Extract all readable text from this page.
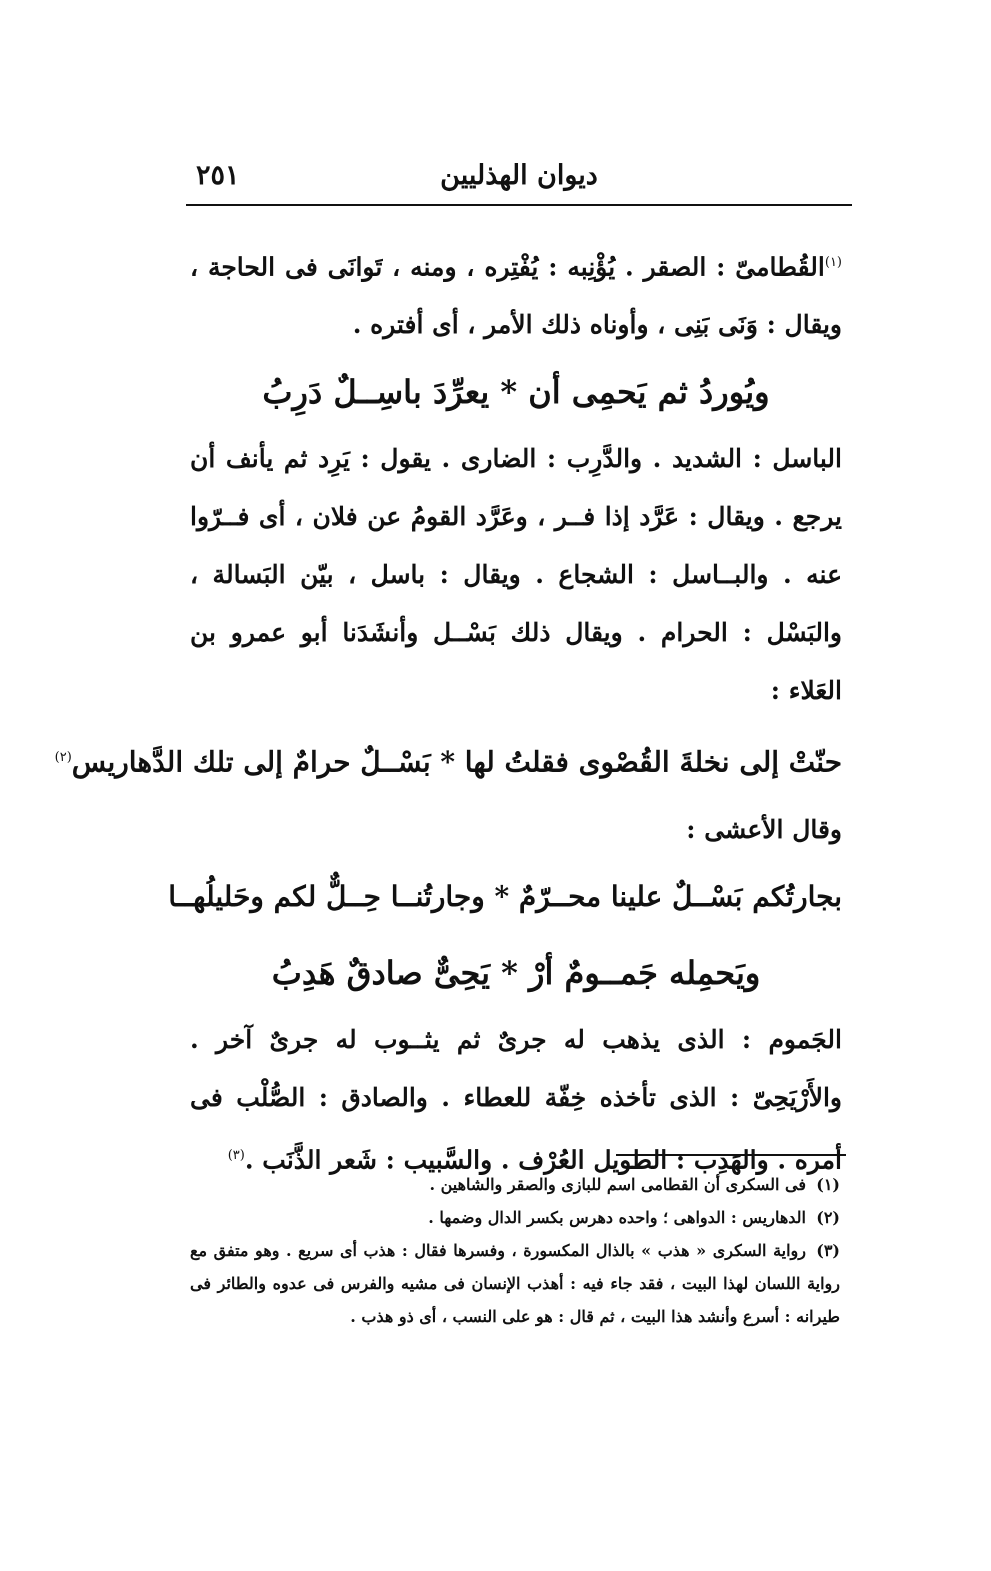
ديوان الهذليين
٢٥١

$^{(١)}$القُطامىّ : الصقر . يُؤْنِبه : يُفْتِره ، ومنه ، تَوانَى فى الحاجة ، ويقال : وَنَى بَنِى ، وأوناه ذلك الأمر ، أى أفتره .

ويُوردُ ثم يَحمِى أن * يعرِّدَ باسِــلٌ دَرِبُ

الباسل : الشديد . والدَّرِب : الضارى . يقول : يَرِد ثم يأنف أن يرجع . ويقال : عَرَّد إذا فــر ، وعَرَّد القومُ عن فلان ، أى فــرّوا عنه . والبــاسل : الشجاع . ويقال : باسل ، بيّن البَسالة ، والبَسْل : الحرام . ويقال ذلك بَسْــل وأنشَدَنا أبو عمرو بن العَلاء :

حنّتْ إلى نخلةَ القُصْوى فقلتُ لها * بَسْــلٌ حرامٌ إلى تلك الدَّهاريس$^{(٢)}$

وقال الأعشى :

بجارتُكم بَسْــلٌ علينا محــرّمٌ * وجارتُنــا حِــلٌّ لكم وحَليلُهــا

ويَحمِله جَمــومٌ أرْ * يَحِىٌّ صادقٌ هَدِبُ

الجَموم : الذى يذهب له جرىٌ ثم يثــوب له جرىٌ آخر . والأَرْيَحِىّ : الذى تأخذه خِفّة للعطاء . والصادق : الصُّلْب فى أمره . والهَدِب : الطويل العُرْف . والسَّبيب : شَعر الذَّنَب .$^{(٣)}$

(١)فى السكرى أن القطامى اسم للبازى والصقر والشاهين .

(٢)الدهاريس : الدواهى ؛ واحده دهرس بكسر الدال وضمها .

(٣)رواية السكرى « هذب » بالذال المكسورة ، وفسرها فقال : هذب أى سريع . وهو متفق مع رواية اللسان لهذا البيت ، فقد جاء فيه : أهذب الإنسان فى مشيه والفرس فى عدوه والطائر فى طيرانه : أسرع وأنشد هذا البيت ، ثم قال : هو على النسب ، أى ذو هذب .
